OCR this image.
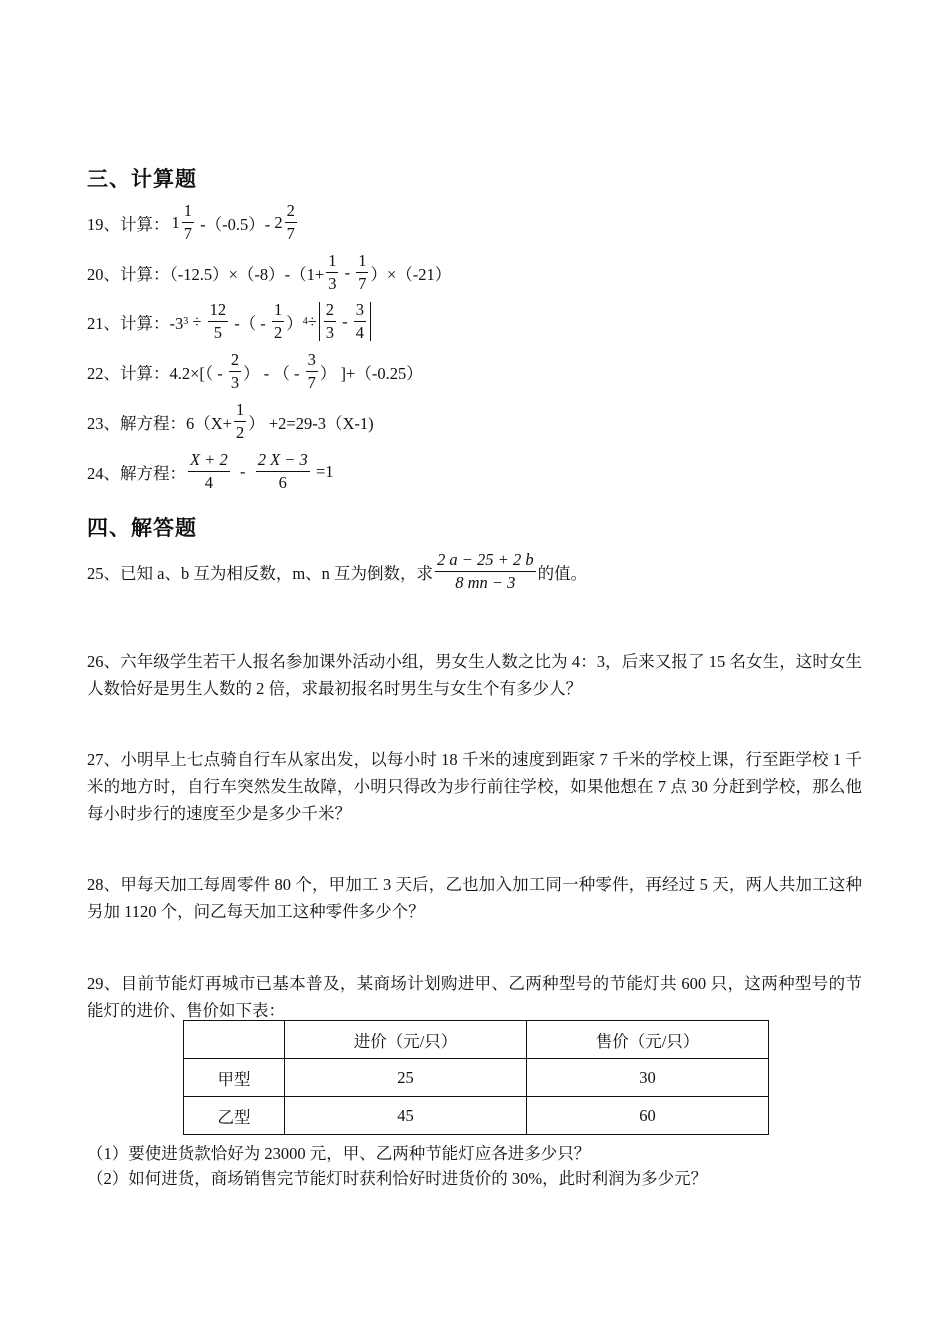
三、计算题
19、计算： $1 \frac{1}{7} -(-0.5)-$ $2 \frac{2}{7}$
20、计算：$(-12.5)\times(-8)-(1+ \frac{1}{3} - \frac{1}{7} )\times(-21)$
21、计算：-3 $3 \div \frac{12}{5}$ -（ - $\frac{1}{2}$ ） $4 \div \frac{2}{3} - \frac{3}{4}$
22、计算：$4.2\times[( - \frac{2}{3}$ ） - （ - $\frac{3}{7}$ ） ]+（-0.25）
23、解方程：$6(X+ \frac{1}{2}$ ） +2=29-3（X-1)
24、解方程： $\frac{X + 2}{4} - \frac{2 X - 3}{6} =1$
四、解答题
25、已知 a、b 互为相反数，m、n 互为倒数，求 $\frac{2 a - 25 + 2 b}{8 mn - 3}$ 的值。
26、六年级学生若干人报名参加课外活动小组，男女生人数之比为 4：3，后来又报了 15 名女生，这时女生人数恰好是男生人数的 2 倍，求最初报名时男生与女生个有多少人？
27、小明早上七点骑自行车从家出发，以每小时 18 千米的速度到距家 7 千米的学校上课，行至距学校 1 千米的地方时，自行车突然发生故障，小明只得改为步行前往学校，如果他想在 7 点 30 分赶到学校，那么他每小时步行的速度至少是多少千米？
28、甲每天加工每周零件 80 个，甲加工 3 天后，乙也加入加工同一种零件，再经过 5 天，两人共加工这种另加 1120 个，问乙每天加工这种零件多少个？
29、目前节能灯再城市已基本普及，某商场计划购进甲、乙两种型号的节能灯共 600 只，这两种型号的节能灯的进价、售价如下表：
	进价（元/只）	售价（元/只）
甲型	25	30
乙型	45	60
（1）要使进货款恰好为 23000 元，甲、乙两种节能灯应各进多少只？
（2）如何进货，商场销售完节能灯时获利恰好时进货价的 30%，此时利润为多少元？
